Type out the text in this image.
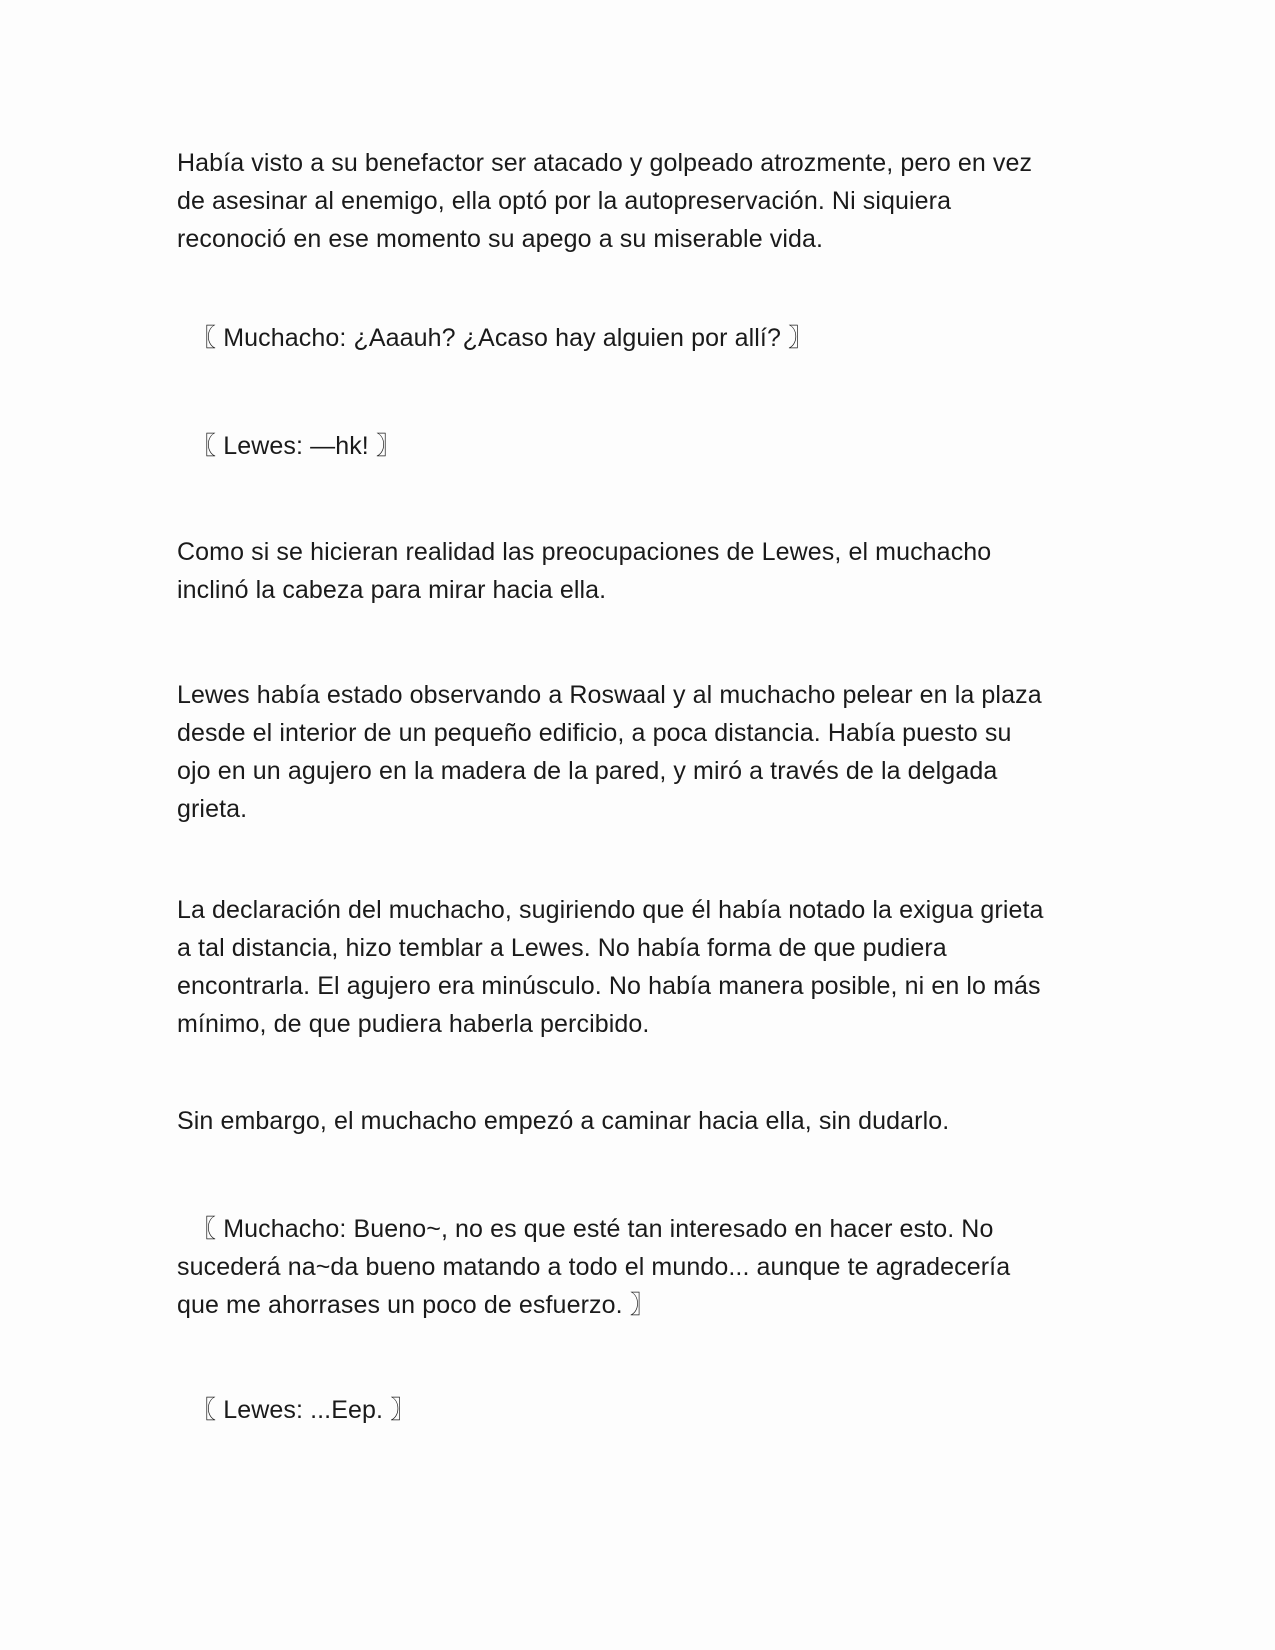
Había visto a su benefactor ser atacado y golpeado atrozmente, pero en vez
de asesinar al enemigo, ella optó por la autopreservación. Ni siquiera
reconoció en ese momento su apego a su miserable vida.

〖 Muchacho: ¿Aaauh? ¿Acaso hay alguien por allí? 〗

〖 Lewes: —hk! 〗

Como si se hicieran realidad las preocupaciones de Lewes, el muchacho
inclinó la cabeza para mirar hacia ella.

Lewes había estado observando a Roswaal y al muchacho pelear en la plaza
desde el interior de un pequeño edificio, a poca distancia. Había puesto su
ojo en un agujero en la madera de la pared, y miró a través de la delgada
grieta.

La declaración del muchacho, sugiriendo que él había notado la exigua grieta
a tal distancia, hizo temblar a Lewes. No había forma de que pudiera
encontrarla. El agujero era minúsculo. No había manera posible, ni en lo más
mínimo, de que pudiera haberla percibido.

Sin embargo, el muchacho empezó a caminar hacia ella, sin dudarlo.

〖 Muchacho: Bueno~, no es que esté tan interesado en hacer esto. No
sucederá na~da bueno matando a todo el mundo... aunque te agradecería
que me ahorrases un poco de esfuerzo. 〗

〖 Lewes: ...Eep. 〗
